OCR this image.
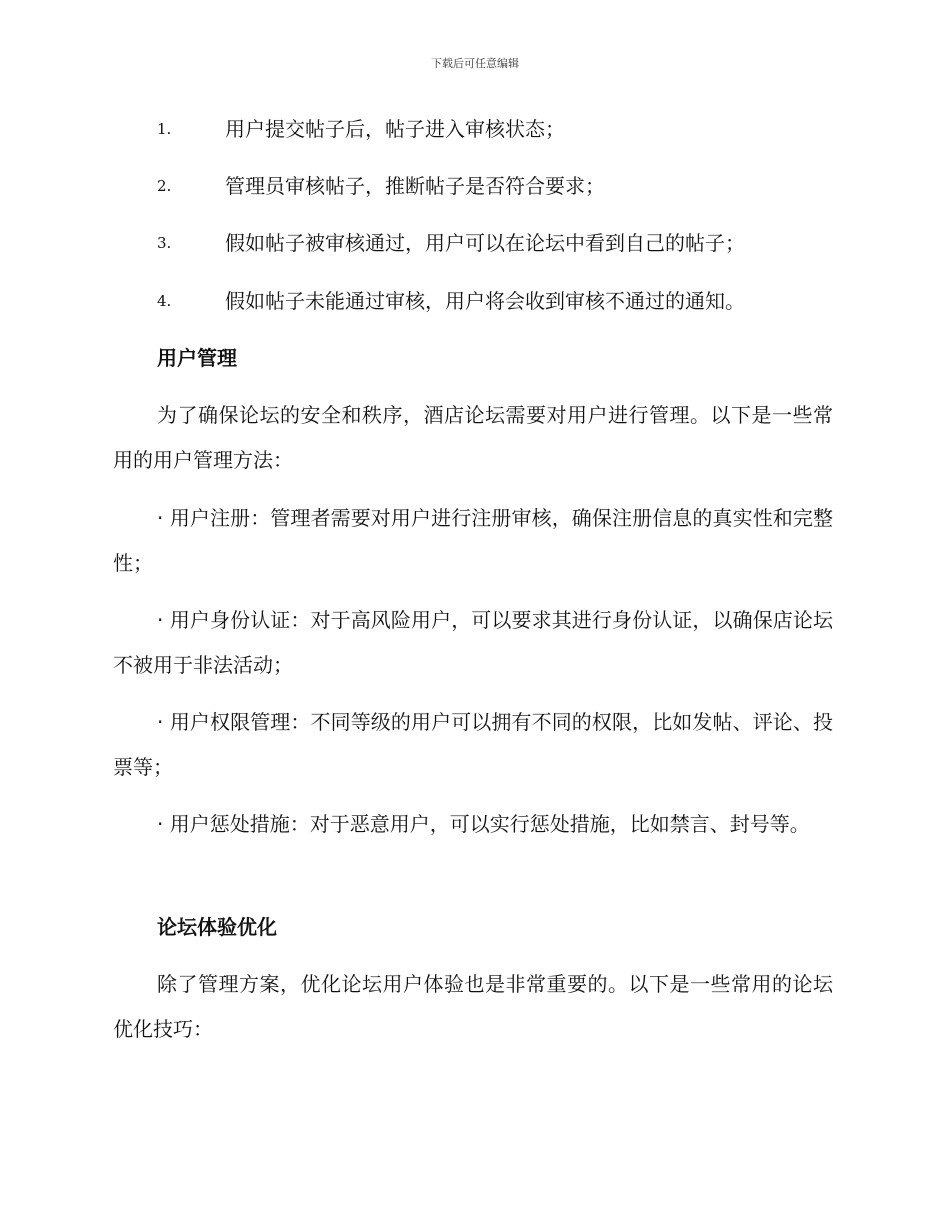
下载后可任意编辑
1.	用户提交帖子后，帖子进入审核状态；
2.	管理员审核帖子，推断帖子是否符合要求；
3.	假如帖子被审核通过，用户可以在论坛中看到自己的帖子；
4.	假如帖子未能通过审核，用户将会收到审核不通过的通知。
用户管理
为了确保论坛的安全和秩序，酒店论坛需要对用户进行管理。以下是一些常用的用户管理方法：
· 用户注册：管理者需要对用户进行注册审核，确保注册信息的真实性和完整性；
· 用户身份认证：对于高风险用户，可以要求其进行身份认证，以确保店论坛不被用于非法活动；
· 用户权限管理：不同等级的用户可以拥有不同的权限，比如发帖、评论、投票等；
· 用户惩处措施：对于恶意用户，可以实行惩处措施，比如禁言、封号等。
论坛体验优化
除了管理方案，优化论坛用户体验也是非常重要的。以下是一些常用的论坛优化技巧：
